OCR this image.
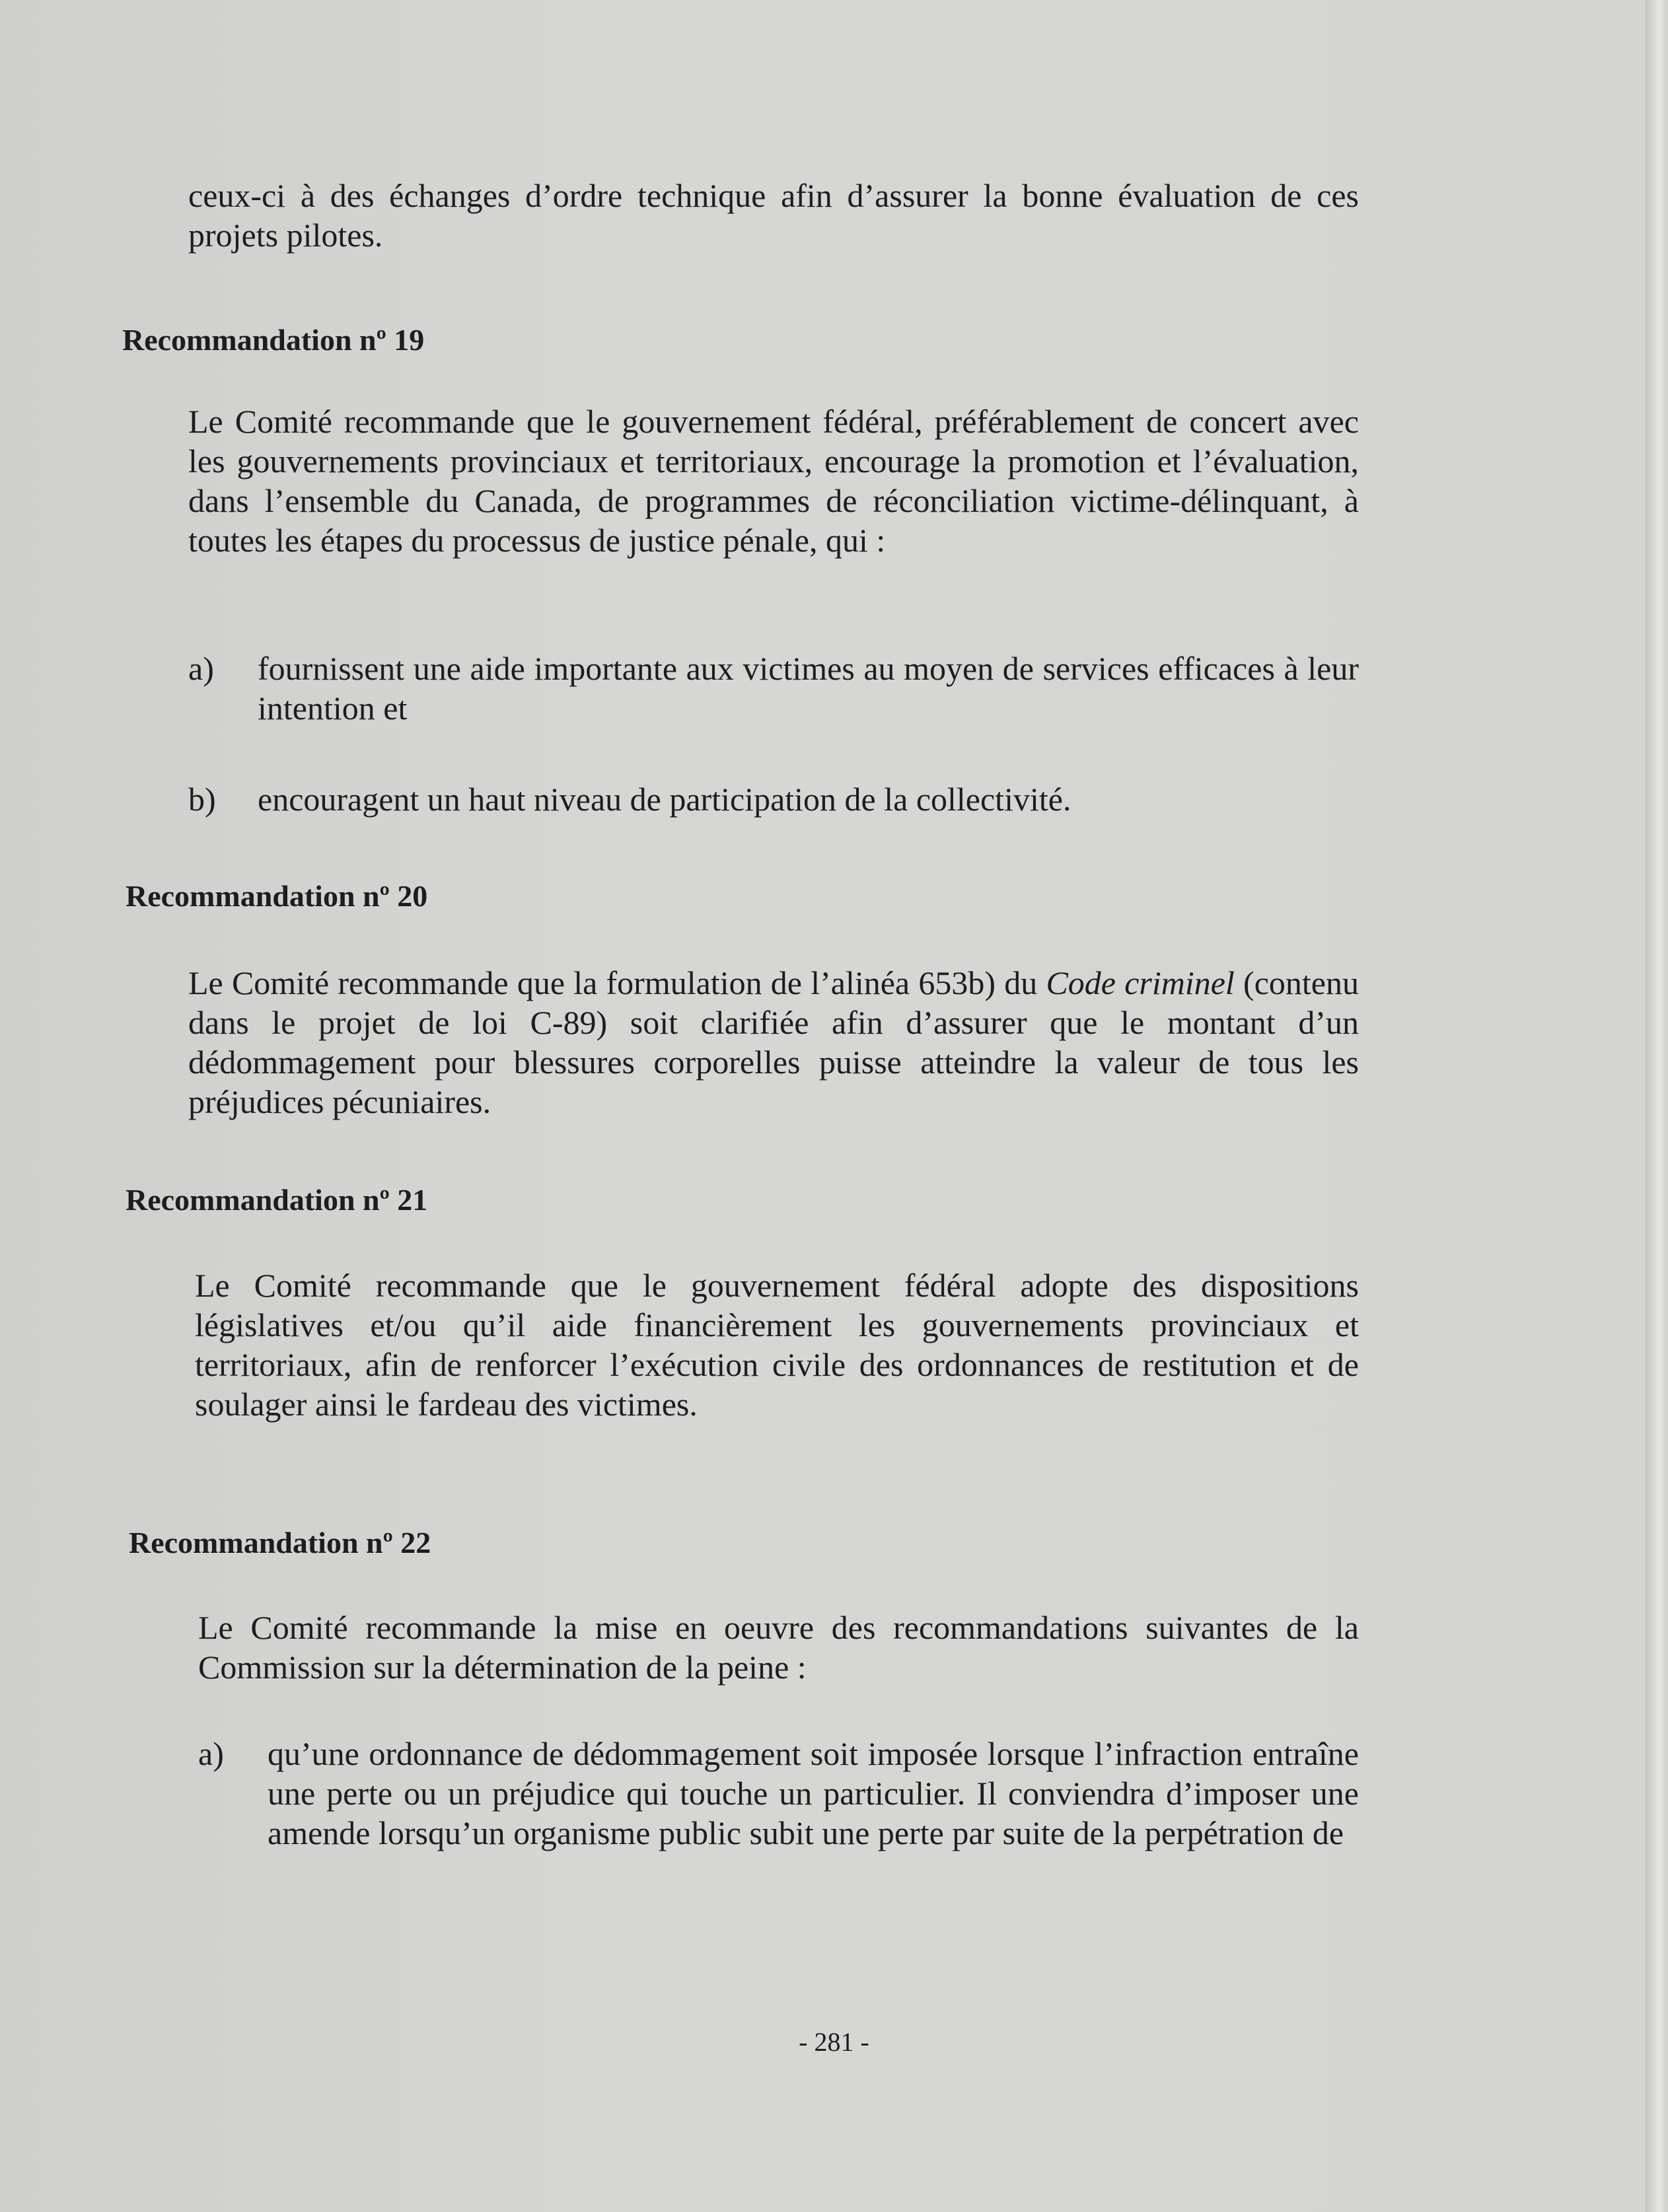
ceux-ci à des échanges d’ordre technique afin d’assurer la bonne évaluation de ces projets pilotes.

Recommandation nº 19

Le Comité recommande que le gouvernement fédéral, préférablement de concert avec les gouvernements provinciaux et territoriaux, encourage la promotion et l’évaluation, dans l’ensemble du Canada, de programmes de réconciliation victime-délinquant, à toutes les étapes du processus de justice pénale, qui :

a) fournissent une aide importante aux victimes au moyen de services efficaces à leur intention et
b) encouragent un haut niveau de participation de la collectivité.
Recommandation nº 20

Le Comité recommande que la formulation de l’alinéa 653b) du Code criminel (contenu dans le projet de loi C-89) soit clarifiée afin d’assurer que le montant d’un dédommagement pour blessures corporelles puisse atteindre la valeur de tous les préjudices pécuniaires.

Recommandation nº 21

Le Comité recommande que le gouvernement fédéral adopte des dispositions législatives et/ou qu’il aide financièrement les gouvernements provinciaux et territoriaux, afin de renforcer l’exécution civile des ordonnances de restitution et de soulager ainsi le fardeau des victimes.

Recommandation nº 22

Le Comité recommande la mise en oeuvre des recommandations suivantes de la Commission sur la détermination de la peine :

a) qu’une ordonnance de dédommagement soit imposée lorsque l’infraction entraîne une perte ou un préjudice qui touche un particulier. Il conviendra d’imposer une amende lorsqu’un organisme public subit une perte par suite de la perpétration de

- 281 -
